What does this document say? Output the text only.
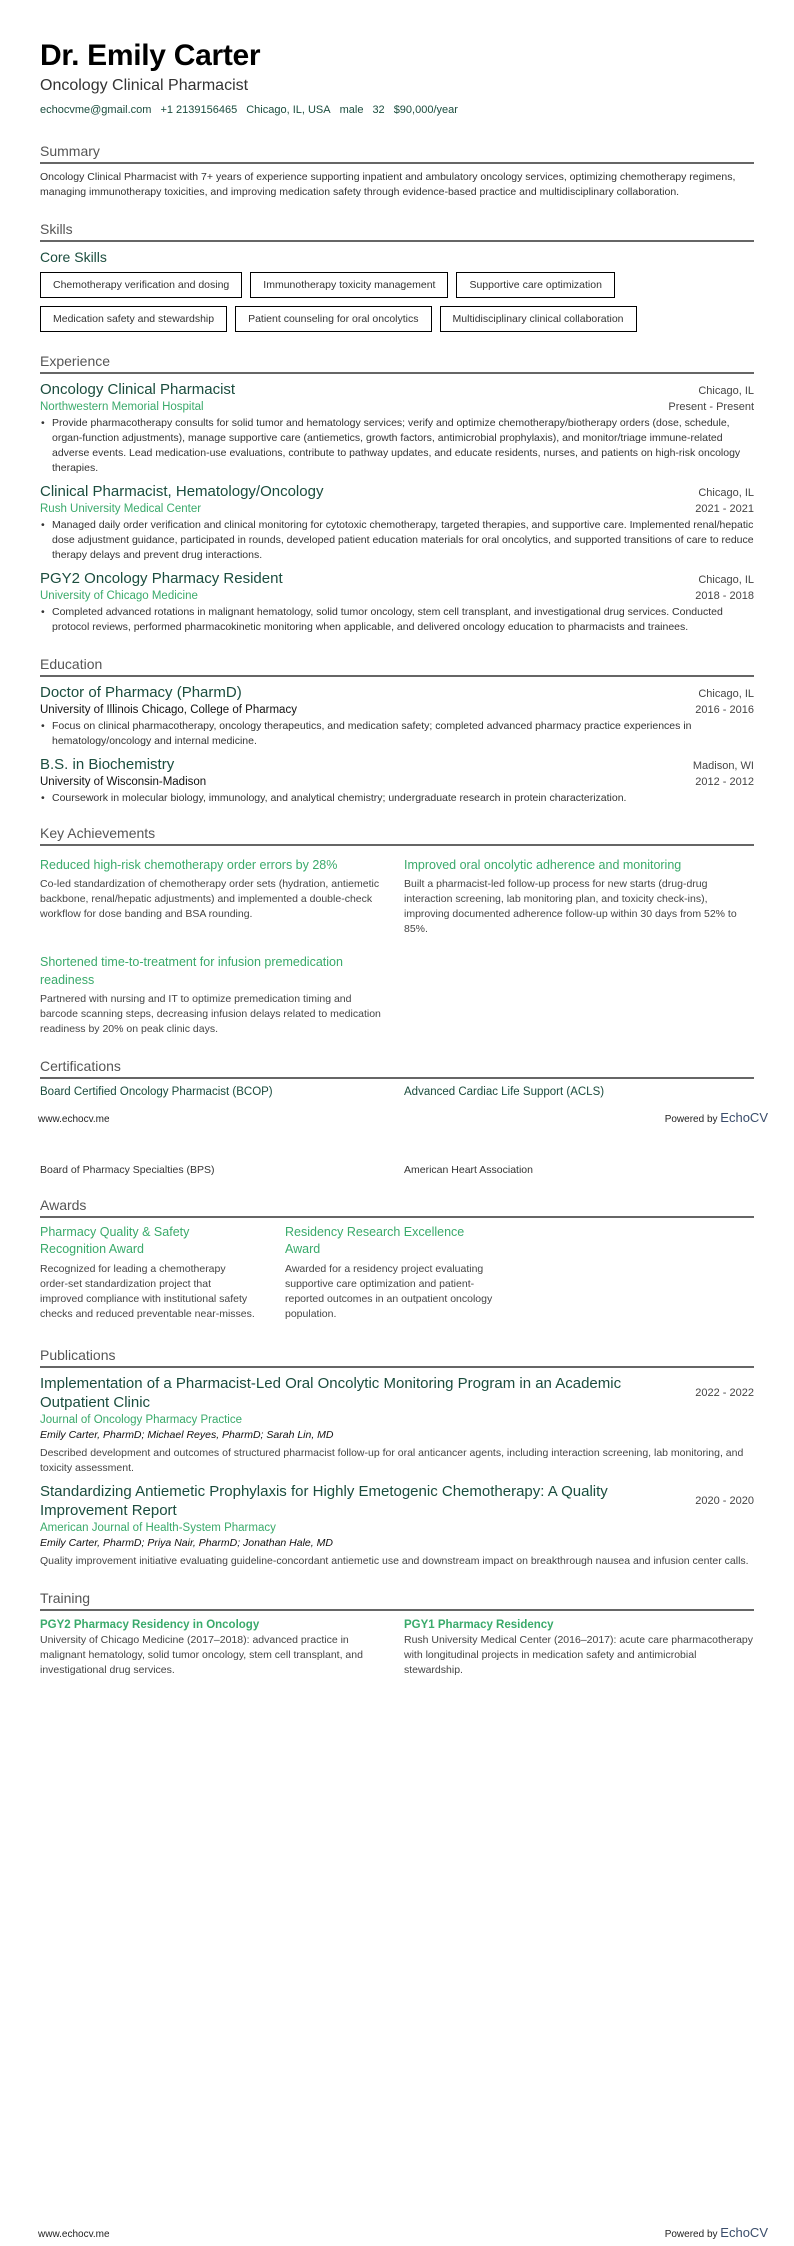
Dr. Emily Carter
Oncology Clinical Pharmacist
echocvme@gmail.com +1 2139156465 Chicago, IL, USA male 32 $90,000/year
Summary

Oncology Clinical Pharmacist with 7+ years of experience supporting inpatient and ambulatory oncology services, optimizing chemotherapy regimens, managing immunotherapy toxicities, and improving medication safety through evidence-based practice and multidisciplinary collaboration.

Skills
Core Skills
Chemotherapy verification and dosing	Immunotherapy toxicity management	Supportive care optimization
Medication safety and stewardship	Patient counseling for oral oncolytics	Multidisciplinary clinical collaboration
Experience
Oncology Clinical Pharmacist	Chicago, IL
Northwestern Memorial Hospital	Present - Present
• Provide pharmacotherapy consults for solid tumor and hematology services; verify and optimize chemotherapy/biotherapy orders (dose, schedule, organ-function adjustments), manage supportive care (antiemetics, growth factors, antimicrobial prophylaxis), and monitor/triage immune-related adverse events. Lead medication-use evaluations, contribute to pathway updates, and educate residents, nurses, and patients on high-risk oncology therapies.
Clinical Pharmacist, Hematology/Oncology	Chicago, IL
Rush University Medical Center	2021 - 2021
• Managed daily order verification and clinical monitoring for cytotoxic chemotherapy, targeted therapies, and supportive care. Implemented renal/hepatic dose adjustment guidance, participated in rounds, developed patient education materials for oral oncolytics, and supported transitions of care to reduce therapy delays and prevent drug interactions.
PGY2 Oncology Pharmacy Resident	Chicago, IL
University of Chicago Medicine	2018 - 2018
• Completed advanced rotations in malignant hematology, solid tumor oncology, stem cell transplant, and investigational drug services. Conducted protocol reviews, performed pharmacokinetic monitoring when applicable, and delivered oncology education to pharmacists and trainees.
Education
Doctor of Pharmacy (PharmD)	Chicago, IL
University of Illinois Chicago, College of Pharmacy	2016 - 2016
• Focus on clinical pharmacotherapy, oncology therapeutics, and medication safety; completed advanced pharmacy practice experiences in hematology/oncology and internal medicine.
B.S. in Biochemistry	Madison, WI
University of Wisconsin-Madison	2012 - 2012
• Coursework in molecular biology, immunology, and analytical chemistry; undergraduate research in protein characterization.
Key Achievements
Reduced high-risk chemotherapy order errors by 28%
Co-led standardization of chemotherapy order sets (hydration, antiemetic backbone, renal/hepatic adjustments) and implemented a double-check workflow for dose banding and BSA rounding.
Improved oral oncolytic adherence and monitoring
Built a pharmacist-led follow-up process for new starts (drug-drug interaction screening, lab monitoring plan, and toxicity check-ins), improving documented adherence follow-up within 30 days from 52% to 85%.
Shortened time-to-treatment for infusion premedication readiness
Partnered with nursing and IT to optimize premedication timing and barcode scanning steps, decreasing infusion delays related to medication readiness by 20% on peak clinic days.
Certifications
Board Certified Oncology Pharmacist (BCOP)	Advanced Cardiac Life Support (ACLS)
www.echocv.me	Powered by EchoCV
Board of Pharmacy Specialties (BPS)	American Heart Association
Awards
Pharmacy Quality & Safety Recognition Award
Recognized for leading a chemotherapy order-set standardization project that improved compliance with institutional safety checks and reduced preventable near-misses.
Residency Research Excellence Award
Awarded for a residency project evaluating supportive care optimization and patient-reported outcomes in an outpatient oncology population.
Publications
Implementation of a Pharmacist-Led Oral Oncolytic Monitoring Program in an Academic Outpatient Clinic
2022 - 2022
Journal of Oncology Pharmacy Practice
Emily Carter, PharmD; Michael Reyes, PharmD; Sarah Lin, MD
Described development and outcomes of structured pharmacist follow-up for oral anticancer agents, including interaction screening, lab monitoring, and toxicity assessment.
Standardizing Antiemetic Prophylaxis for Highly Emetogenic Chemotherapy: A Quality Improvement Report
2020 - 2020
American Journal of Health-System Pharmacy
Emily Carter, PharmD; Priya Nair, PharmD; Jonathan Hale, MD
Quality improvement initiative evaluating guideline-concordant antiemetic use and downstream impact on breakthrough nausea and infusion center calls.
Training
PGY2 Pharmacy Residency in Oncology
University of Chicago Medicine (2017–2018): advanced practice in malignant hematology, solid tumor oncology, stem cell transplant, and investigational drug services.
PGY1 Pharmacy Residency
Rush University Medical Center (2016–2017): acute care pharmacotherapy with longitudinal projects in medication safety and antimicrobial stewardship.
www.echocv.me	Powered by EchoCV
